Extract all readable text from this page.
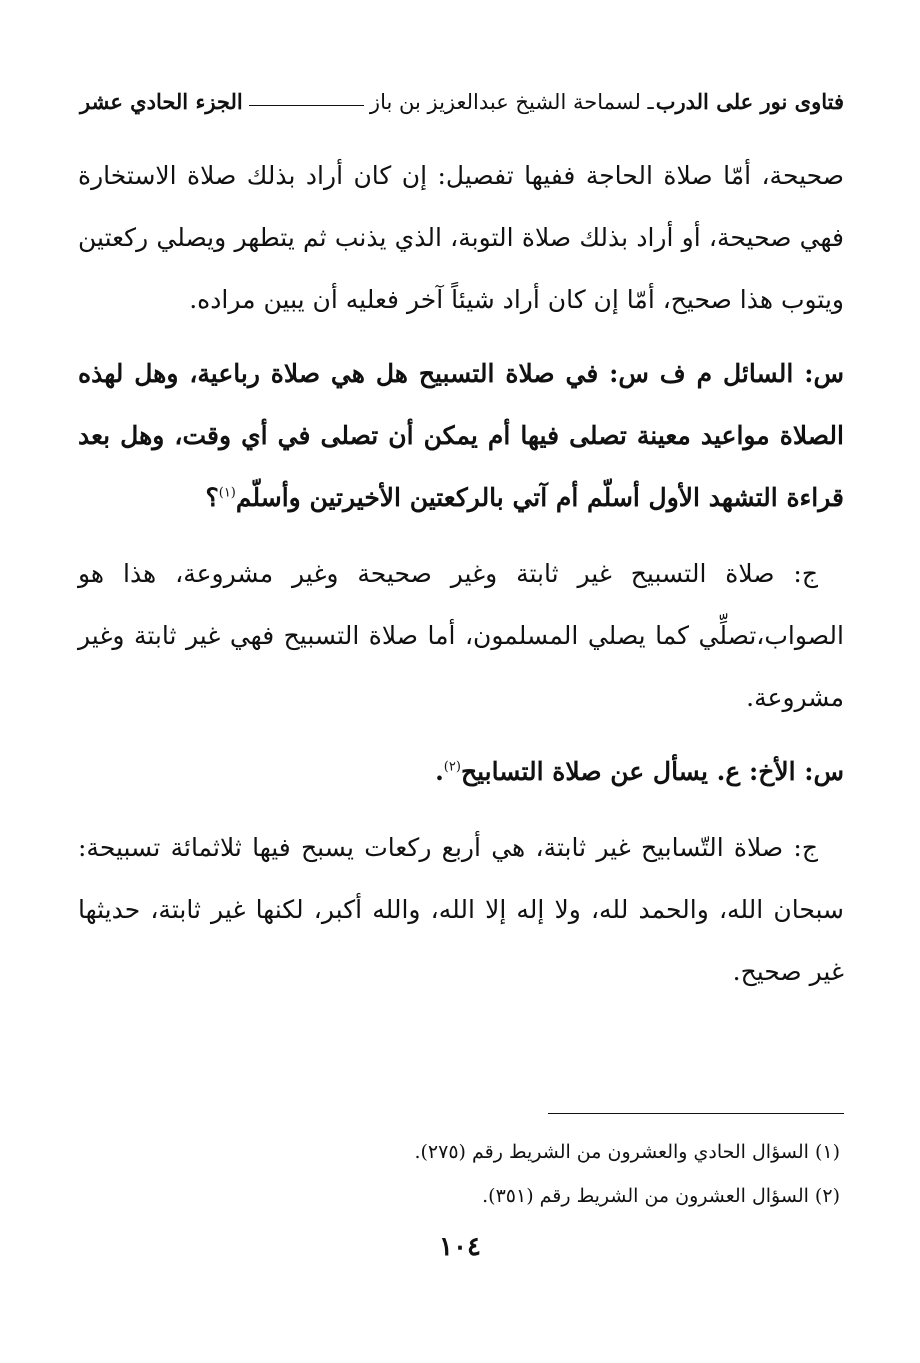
فتاوى نور على الدرب
ـ لسماحة الشيخ عبدالعزيز بن باز
الجزء الحادي عشر

صحيحة، أمّا صلاة الحاجة ففيها تفصيل: إن كان أراد بذلك صلاة الاستخارة فهي صحيحة، أو أراد بذلك صلاة التوبة، الذي يذنب ثم يتطهر ويصلي ركعتين ويتوب هذا صحيح، أمّا إن كان أراد شيئاً آخر فعليه أن يبين مراده.

س: السائل م ف س: في صلاة التسبيح هل هي صلاة رباعية، وهل لهذه الصلاة مواعيد معينة تصلى فيها أم يمكن أن تصلى في أي وقت، وهل بعد قراءة التشهد الأول أسلّم أم آتي بالركعتين الأخيرتين وأسلّم$^{(١)}$؟

ج: صلاة التسبيح غير ثابتة وغير صحيحة وغير مشروعة، هذا هو الصواب،تصلِّي كما يصلي المسلمون، أما صلاة التسبيح فهي غير ثابتة وغير مشروعة.

س: الأخ: ع. يسأل عن صلاة التسابيح$^{(٢)}$.

ج: صلاة التّسابيح غير ثابتة، هي أربع ركعات يسبح فيها ثلاثمائة تسبيحة: سبحان الله، والحمد لله، ولا إله إلا الله، والله أكبر، لكنها غير ثابتة، حديثها غير صحيح.

(١) السؤال الحادي والعشرون من الشريط رقم (٢٧٥).

(٢) السؤال العشرون من الشريط رقم (٣٥١).

١٠٤
